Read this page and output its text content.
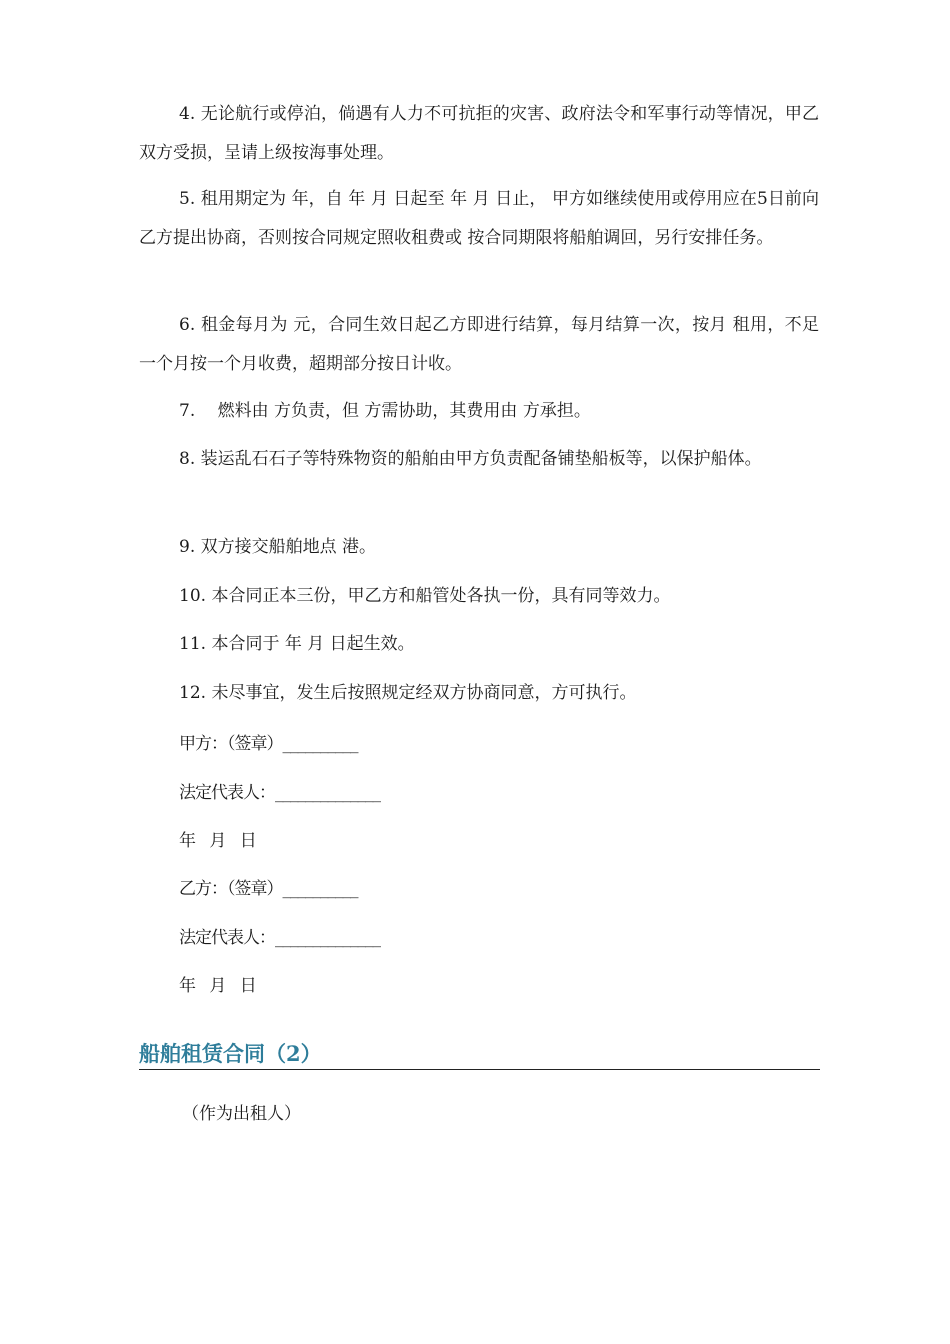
4. 无论航行或停泊，倘遇有人力不可抗拒的灾害、政府法令和军事行动等情况，甲乙双方受损，呈请上级按海事处理。

5. 租用期定为 年，自 年 月 日起至 年 月 日止， 甲方如继续使用或停用应在5日前向乙方提出协商，否则按合同规定照收租费或 按合同期限将船舶调回，另行安排任务。

6. 租金每月为 元，合同生效日起乙方即进行结算，每月结算一次，按月 租用，不足一个月按一个月收费，超期部分按日计收。

7.　 燃料由 方负责，但 方需协助，其费用由 方承担。

8. 装运乱石石子等特殊物资的船舶由甲方负责配备铺垫船板等，以保护船体。

9. 双方接交船舶地点 港。

10. 本合同正本三份，甲乙方和船管处各执一份，具有同等效力。

11. 本合同于 年 月 日起生效。

12. 未尽事宜，发生后按照规定经双方协商同意，方可执行。

甲方：（签章）__________

法定代表人：______________

年 月 日

乙方：（签章）__________

法定代表人：______________

年 月 日

船舶租赁合同（2）

（作为出租人）
